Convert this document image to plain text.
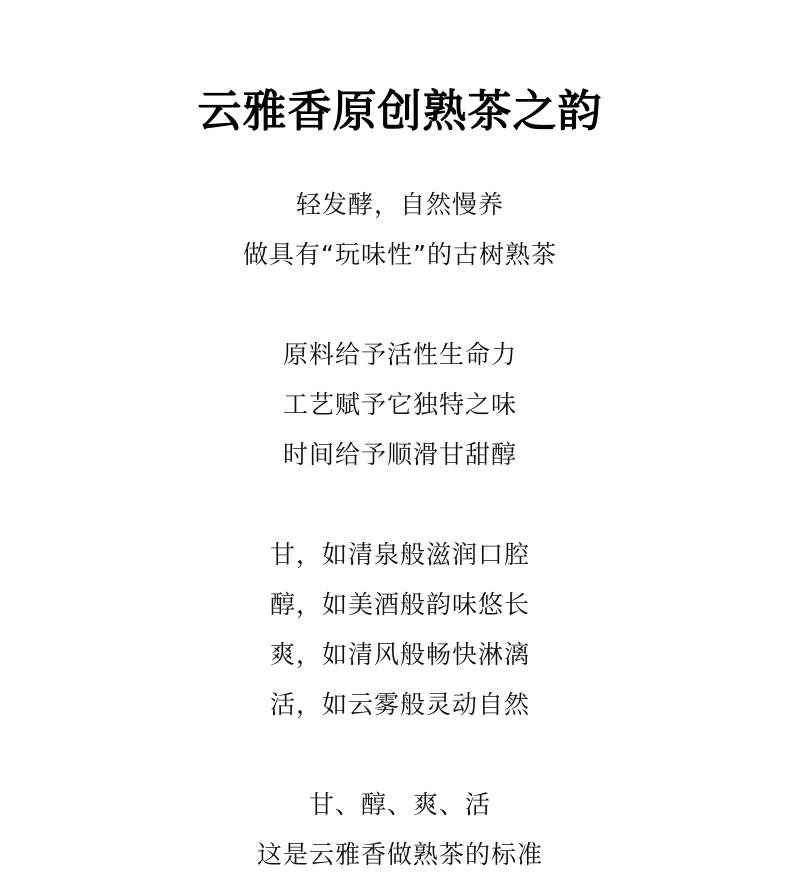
云雅香原创熟茶之韵
轻发酵，自然慢养
做具有“玩味性”的古树熟茶
原料给予活性生命力
工艺赋予它独特之味
时间给予顺滑甘甜醇
甘，如清泉般滋润口腔
醇，如美酒般韵味悠长
爽，如清风般畅快淋漓
活，如云雾般灵动自然
甘、醇、爽、活
这是云雅香做熟茶的标准
